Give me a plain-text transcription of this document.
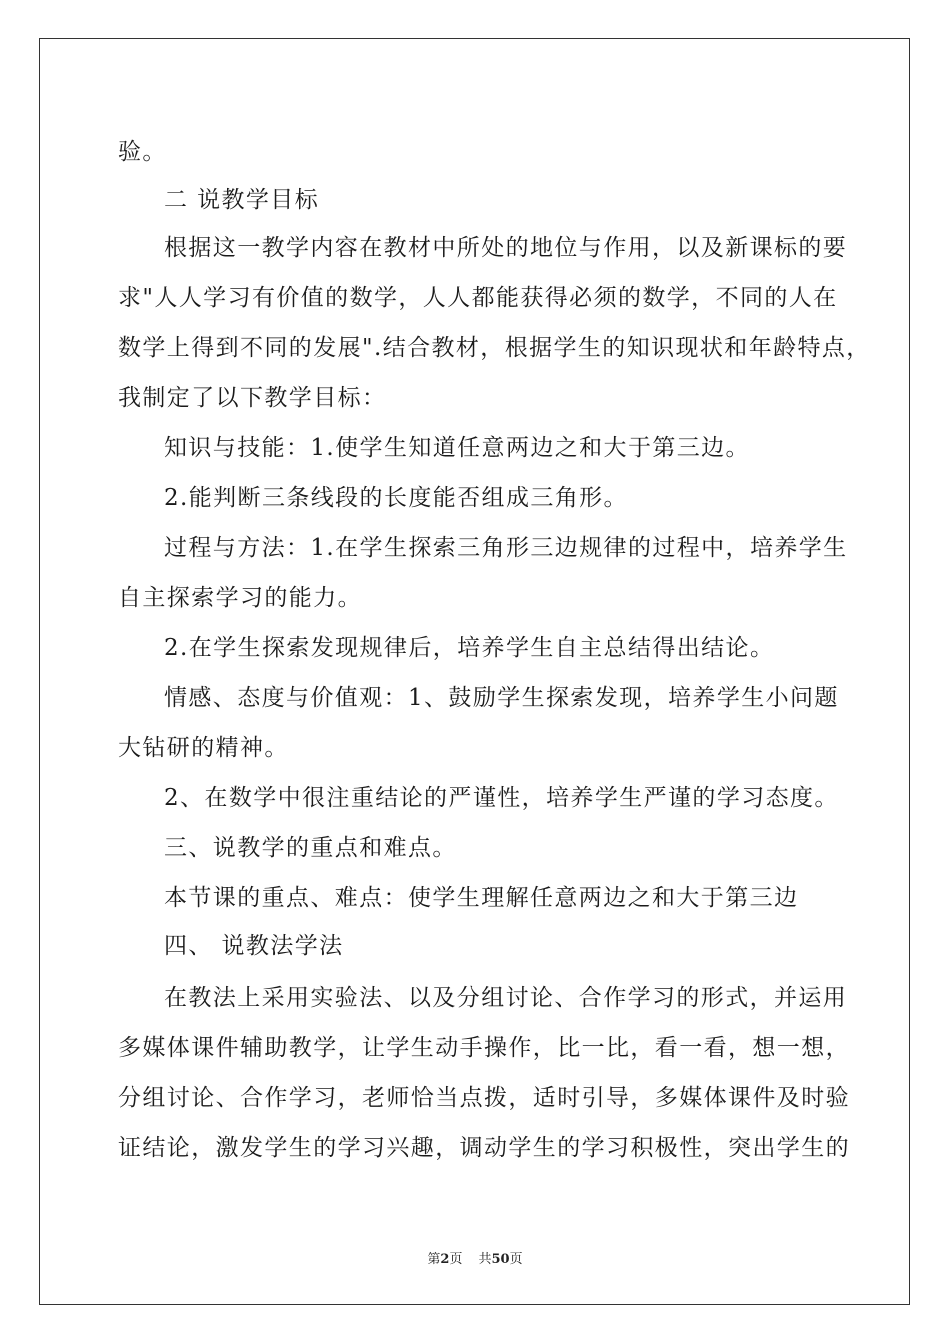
验。
二 说教学目标
根据这一教学内容在教材中所处的地位与作用，以及新课标的要
求"人人学习有价值的数学，人人都能获得必须的数学，不同的人在
数学上得到不同的发展".结合教材，根据学生的知识现状和年龄特点，
我制定了以下教学目标：
知识与技能：1.使学生知道任意两边之和大于第三边。
2.能判断三条线段的长度能否组成三角形。
过程与方法：1.在学生探索三角形三边规律的过程中，培养学生
自主探索学习的能力。
2.在学生探索发现规律后，培养学生自主总结得出结论。
情感、态度与价值观：1、鼓励学生探索发现，培养学生小问题
大钻研的精神。
2、在数学中很注重结论的严谨性，培养学生严谨的学习态度。
三、说教学的重点和难点。
本节课的重点、难点：使学生理解任意两边之和大于第三边
四、 说教法学法
在教法上采用实验法、以及分组讨论、合作学习的形式，并运用
多媒体课件辅助教学，让学生动手操作，比一比，看一看，想一想，
分组讨论、合作学习，老师恰当点拨，适时引导，多媒体课件及时验
证结论，激发学生的学习兴趣，调动学生的学习积极性，突出学生的
第2页 共50页
